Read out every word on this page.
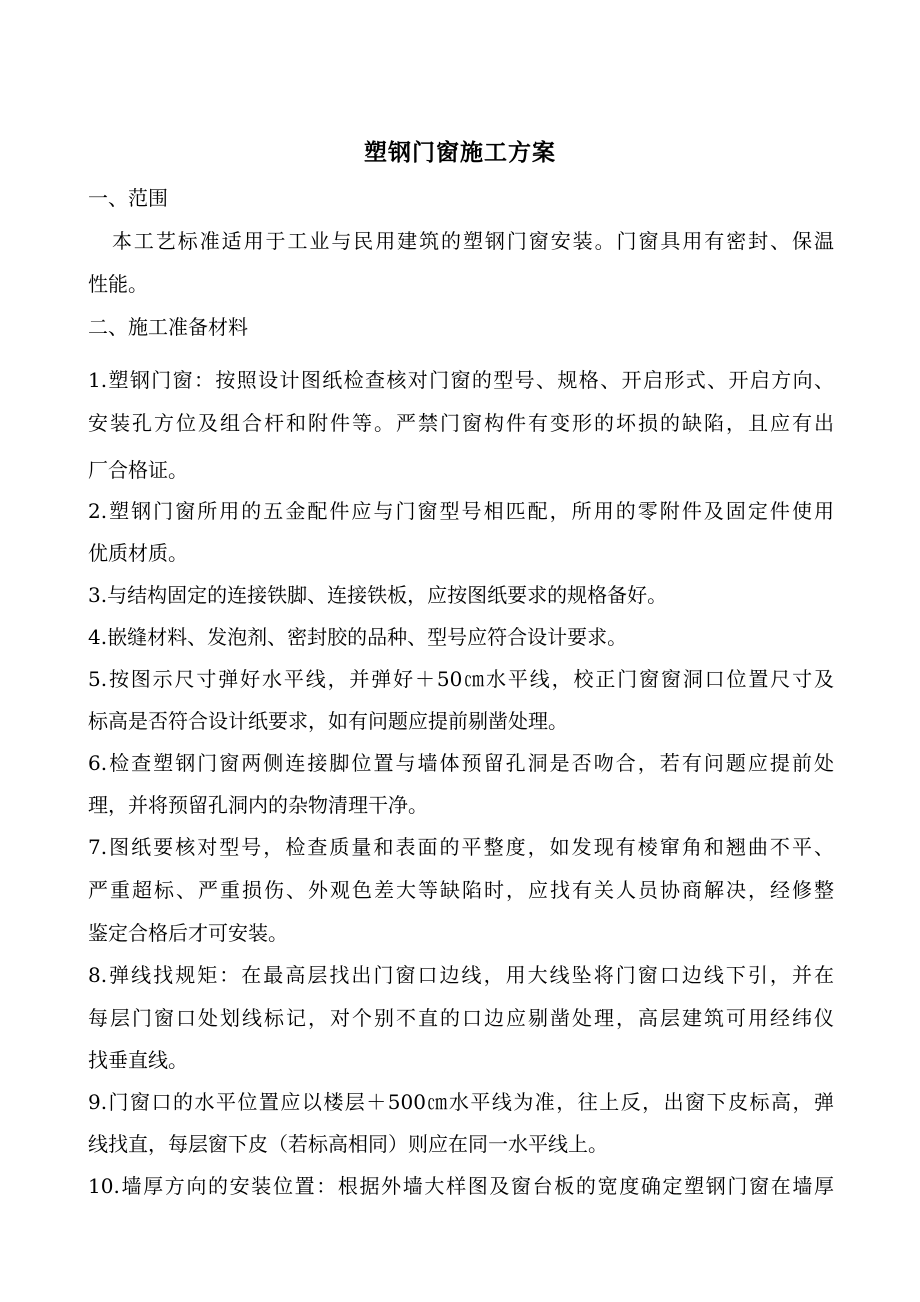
塑钢门窗施工方案
一、范围
本工艺标准适用于工业与民用建筑的塑钢门窗安装。门窗具用有密封、保温
性能。
二、施工准备材料
1.塑钢门窗：按照设计图纸检查核对门窗的型号、规格、开启形式、开启方向、
安装孔方位及组合杆和附件等。严禁门窗构件有变形的坏损的缺陷，且应有出
厂合格证。
2.塑钢门窗所用的五金配件应与门窗型号相匹配，所用的零附件及固定件使用
优质材质。
3.与结构固定的连接铁脚、连接铁板，应按图纸要求的规格备好。
4.嵌缝材料、发泡剂、密封胶的品种、型号应符合设计要求。
5.按图示尺寸弹好水平线，并弹好＋50㎝水平线，校正门窗窗洞口位置尺寸及
标高是否符合设计纸要求，如有问题应提前剔凿处理。
6.检查塑钢门窗两侧连接脚位置与墙体预留孔洞是否吻合，若有问题应提前处
理，并将预留孔洞内的杂物清理干净。
7.图纸要核对型号，检查质量和表面的平整度，如发现有棱窜角和翘曲不平、
严重超标、严重损伤、外观色差大等缺陷时，应找有关人员协商解决，经修整
鉴定合格后才可安装。
8.弹线找规矩：在最高层找出门窗口边线，用大线坠将门窗口边线下引，并在
每层门窗口处划线标记，对个别不直的口边应剔凿处理，高层建筑可用经纬仪
找垂直线。
9.门窗口的水平位置应以楼层＋500㎝水平线为准，往上反，出窗下皮标高，弹
线找直，每层窗下皮（若标高相同）则应在同一水平线上。
10.墙厚方向的安装位置：根据外墙大样图及窗台板的宽度确定塑钢门窗在墙厚
